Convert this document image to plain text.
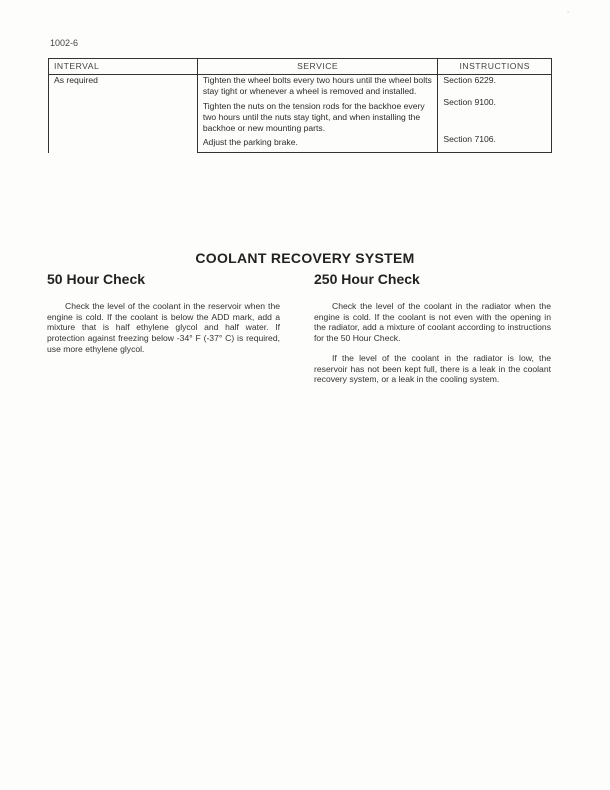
1002-6
-
INTERVAL	SERVICE	INSTRUCTIONS
As required	Tighten the wheel bolts every two hours until the wheel bolts stay tight or whenever a wheel is removed and installed.	Section 6229.
	Tighten the nuts on the tension rods for the backhoe every two hours until the nuts stay tight, and when installing the backhoe or new mounting parts.	Section 9100.
	Adjust the parking brake.	Section 7106.
COOLANT RECOVERY SYSTEM
50 Hour Check

Check the level of the coolant in the reservoir when the engine is cold. If the coolant is below the ADD mark, add a mixture that is half ethylene glycol and half water. If protection against freezing below -34° F (-37° C) is required, use more ethylene glycol.

250 Hour Check

Check the level of the coolant in the radiator when the engine is cold. If the coolant is not even with the opening in the radiator, add a mixture of coolant according to instructions for the 50 Hour Check.

If the level of the coolant in the radiator is low, the reservoir has not been kept full, there is a leak in the coolant recovery system, or a leak in the cooling system.
